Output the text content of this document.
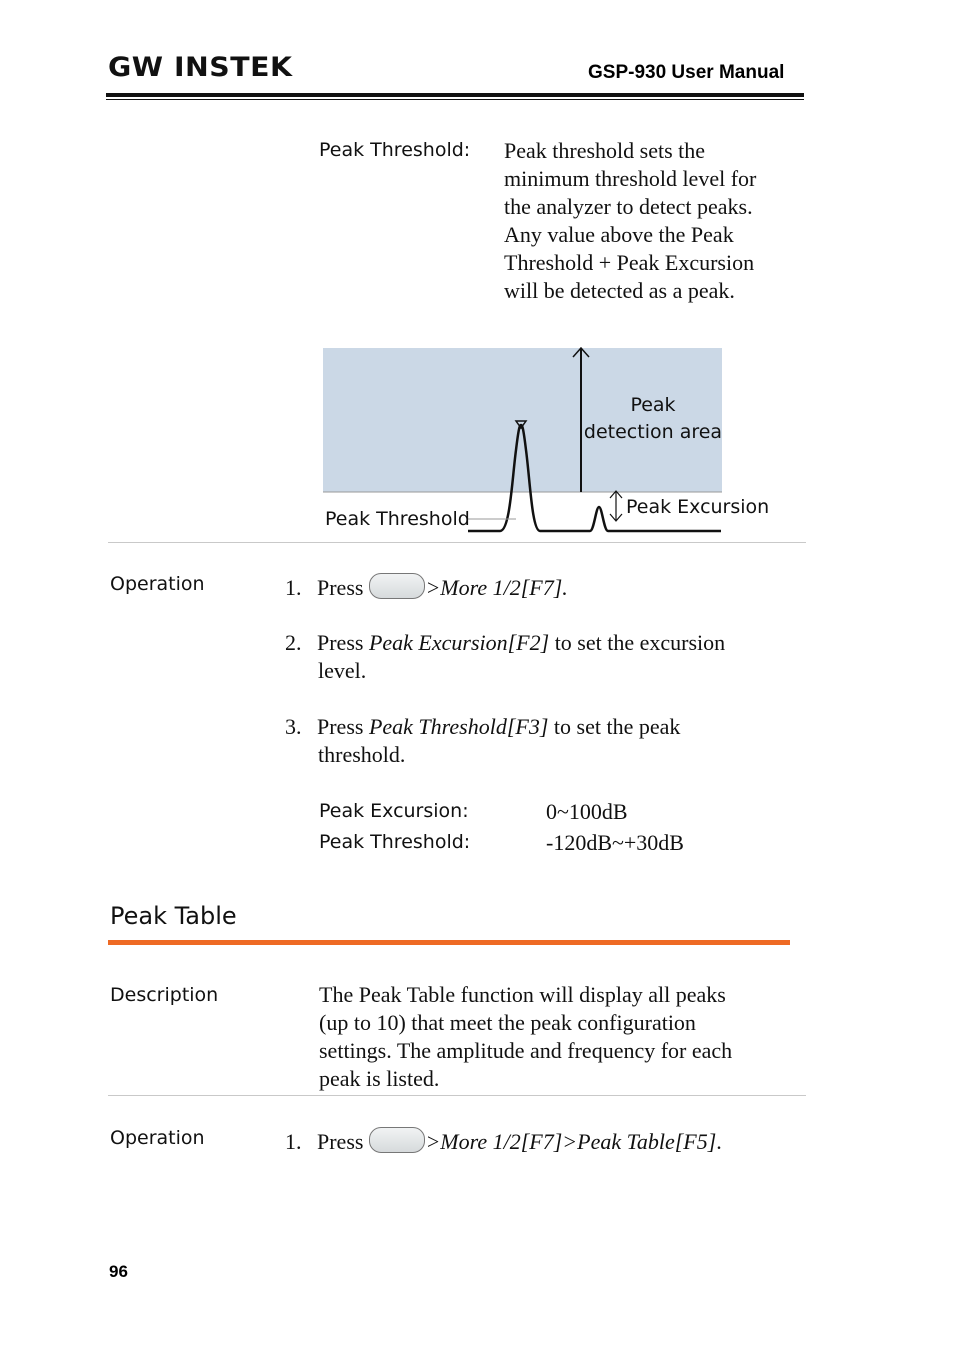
GW INSTEK	GSP-930 User Manual
Peak Threshold: Peak threshold sets the
minimum threshold level for
the analyzer to detect peaks.
Any value above the Peak
Threshold + Peak Excursion
will be detected as a peak.
Peak
detection area
Peak Threshold
Peak Excursion
Operation	1. Press	>More 1/2[F7].
2. Press Peak Excursion[F2] to set the excursion
level.
3. Press Peak Threshold[F3] to set the peak
threshold.
Peak Excursion:	0~100dB
Peak Threshold:	-120dB~+30dB
Peak Table
Description	The Peak Table function will display all peaks
(up to 10) that meet the peak configuration
settings. The amplitude and frequency for each
peak is listed.
Operation	1. Press	>More 1/2[F7]>Peak Table[F5].
96
